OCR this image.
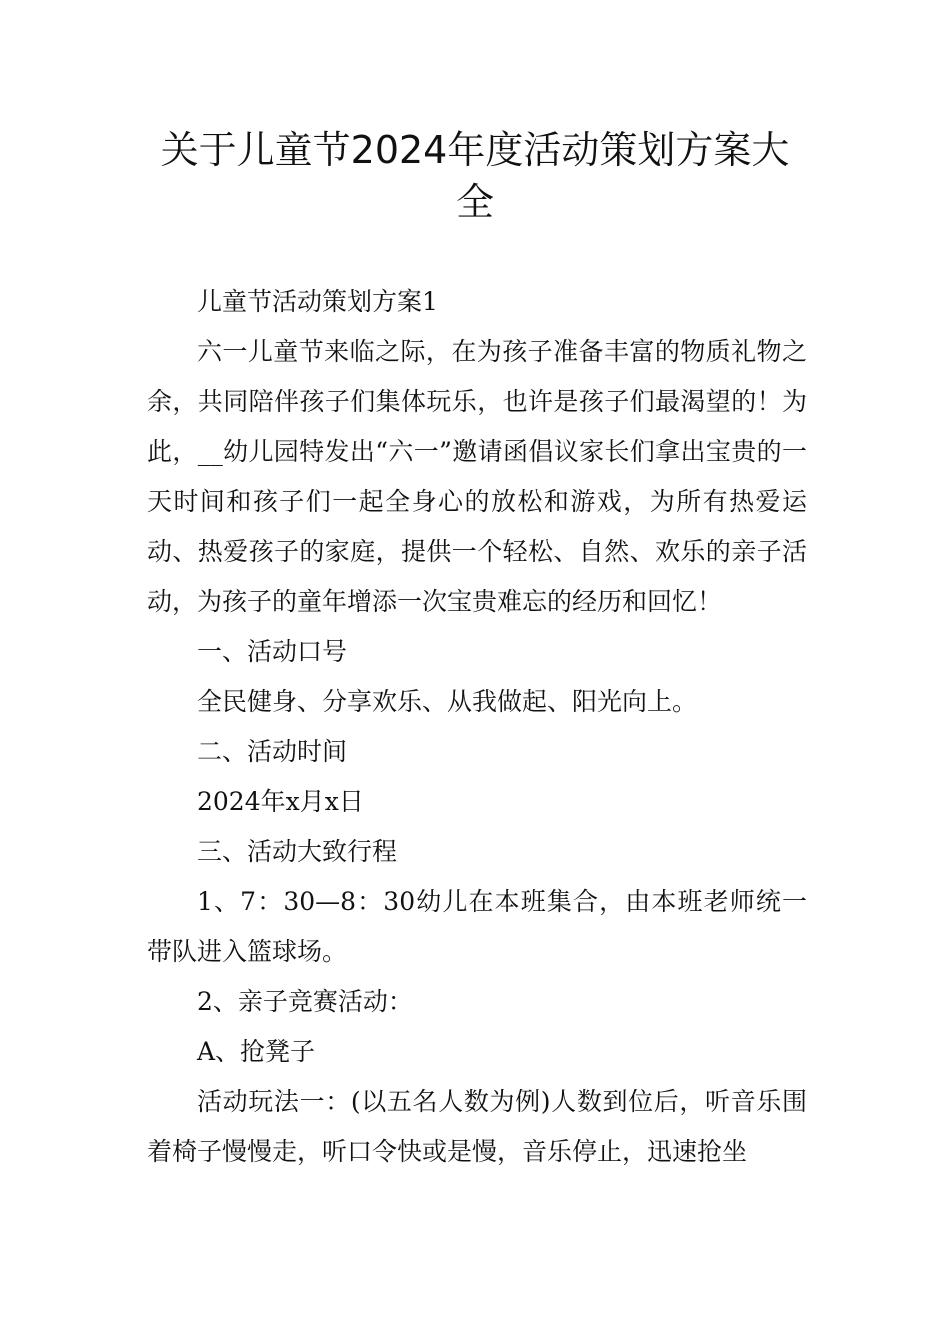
关于儿童节2024年度活动策划方案大全

儿童节活动策划方案1

六一儿童节来临之际，在为孩子准备丰富的物质礼物之余，共同陪伴孩子们集体玩乐，也许是孩子们最渴望的！为此，__幼儿园特发出“六一”邀请函倡议家长们拿出宝贵的一天时间和孩子们一起全身心的放松和游戏，为所有热爱运动、热爱孩子的家庭，提供一个轻松、自然、欢乐的亲子活动，为孩子的童年增添一次宝贵难忘的经历和回忆！

一、活动口号

全民健身、分享欢乐、从我做起、阳光向上。

二、活动时间

2024年x月x日

三、活动大致行程

1、7：30—8：30幼儿在本班集合，由本班老师统一带队进入篮球场。

2、亲子竞赛活动：

A、抢凳子

活动玩法一：(以五名人数为例)人数到位后，听音乐围着椅子慢慢走，听口令快或是慢，音乐停止，迅速抢坐
